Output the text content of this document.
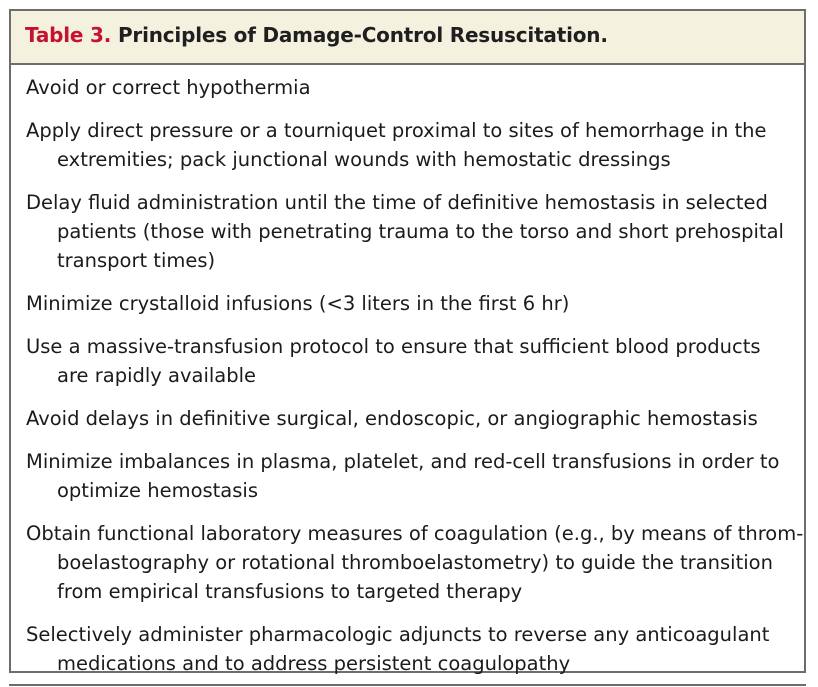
Table 3. Principles of Damage-Control Resuscitation.
Avoid or correct hypothermia
Apply direct pressure or a tourniquet proximal to sites of hemorrhage in the
extremities; pack junctional wounds with hemostatic dressings
Delay fluid administration until the time of definitive hemostasis in selected
patients (those with penetrating trauma to the torso and short prehospital
transport times)
Minimize crystalloid infusions (<3 liters in the first 6 hr)
Use a massive-transfusion protocol to ensure that sufficient blood products
are rapidly available
Avoid delays in definitive surgical, endoscopic, or angiographic hemostasis
Minimize imbalances in plasma, platelet, and red-cell transfusions in order to
optimize hemostasis
Obtain functional laboratory measures of coagulation (e.g., by means of throm-
boelastography or rotational thromboelastometry) to guide the transition
from empirical transfusions to targeted therapy
Selectively administer pharmacologic adjuncts to reverse any anticoagulant
medications and to address persistent coagulopathy
